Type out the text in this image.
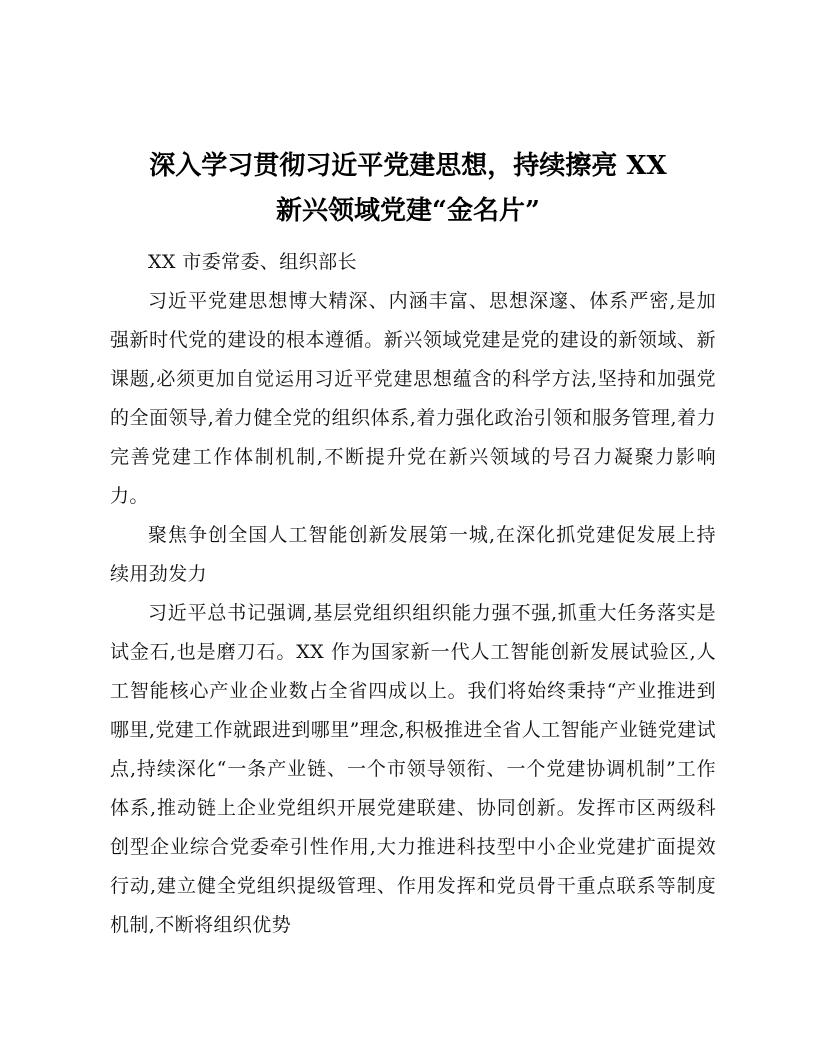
深入学习贯彻习近平党建思想，持续擦亮 XX
新兴领域党建“金名片”

XX 市委常委、组织部长

习近平党建思想博大精深、内涵丰富、思想深邃、体系严密,是加强新时代党的建设的根本遵循。新兴领域党建是党的建设的新领域、新课题,必须更加自觉运用习近平党建思想蕴含的科学方法,坚持和加强党的全面领导,着力健全党的组织体系,着力强化政治引领和服务管理,着力完善党建工作体制机制,不断提升党在新兴领域的号召力凝聚力影响力。

聚焦争创全国人工智能创新发展第一城,在深化抓党建促发展上持续用劲发力

习近平总书记强调,基层党组织组织能力强不强,抓重大任务落实是试金石,也是磨刀石。XX 作为国家新一代人工智能创新发展试验区,人工智能核心产业企业数占全省四成以上。我们将始终秉持“产业推进到哪里,党建工作就跟进到哪里”理念,积极推进全省人工智能产业链党建试点,持续深化“一条产业链、一个市领导领衔、一个党建协调机制”工作体系,推动链上企业党组织开展党建联建、协同创新。发挥市区两级科创型企业综合党委牵引性作用,大力推进科技型中小企业党建扩面提效行动,建立健全党组织提级管理、作用发挥和党员骨干重点联系等制度机制,不断将组织优势
